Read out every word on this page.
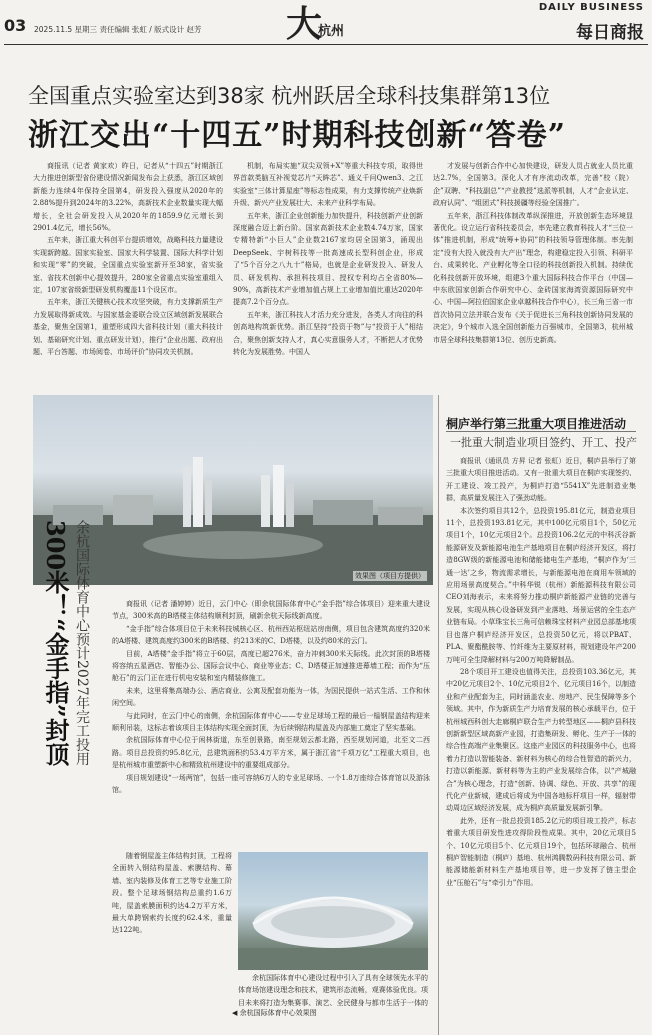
03 2025.11.5 星期三 责任编辑 张虹 / 版式设计 赵芳 大
杭州
DAILY BUSINESS
每日商报
全国重点实验室达到38家 杭州跃居全球科技集群第13位
浙江交出“十四五”时期科技创新“答卷”

商报讯（记者 黄家欢）昨日，记者从“十四五”时期浙江大力推进创新型省份建设情况新闻发布会上获悉，浙江区域创新能力连续4年保持全国第4，研发投入强度从2020年的2.88%提升到2024年的3.22%，高新技术企业数量实现大幅增长，全社会研发投入从2020年的1859.9亿元增长到2901.4亿元，增长56%。

五年来，浙江重大科创平台提质增效，战略科技力量建设实现新跨越。国家实验室、国家大科学装置、国际大科学计划和实现“零”的突破，全国重点实验室新开至38家，省实验室、省技术创新中心提效提升，280家全省重点实验室重组入定，107家省级新型研发机构覆盖11个设区市。

五年来，浙江关键核心技术攻坚突破，有力支撑新质生产力发展取得新成效。与国家基金委联合设立区域创新发展联合基金，聚焦全国第1，重塑形成四大省科技计划（重大科技计划、基础研究计划、重点研发计划），推行“企业出题、政府出题、平台答题、市场阅卷、市场评价”协同攻关机制。

机制，布局实施“双尖双领+X”等重大科技专项，取得世界首款类脑互补视觉芯片“天眸芯”、通义千问Qwen3、之江实验室“三体计算星座”等标志性成果，有力支撑传统产业焕新升级、新兴产业发展壮大、未来产业科学布局。

五年来，浙江企业创新能力加快提升，科技创新产业创新深度融合迈上新台阶。国家高新技术企业数4.74万家，国家专精特新“小巨人”企业数2167家均居全国第3，涌现出DeepSeek、宇树科技等一批高速成长型科创企业，形成了“5个百分之八九十”格局，也就是企业研发投入、研发人员、研发机构、承担科技项目、授权专利均占全省80%—90%，高新技术产业增加值占规上工业增加值比重达2020年提高7.2个百分点。

五年来，浙江科技人才活力充分进发，各类人才向往的科创高地构筑新优势。浙江坚持“投资于物”与“投资于人”相结合，聚焦创新支持人才，真心实意服务人才，不断把人才优势转化为发展胜势。中国人

才发展与创新合作中心加快建设，研发人员占就业人员比重达2.7%，全国第3。深化人才有序流动改革，完善“校（院）企”双聘、“科技副总”“产业教授”选派等机制，人才“企业认定、政府认同”、“组团式”科技援疆等经验全国推广。

五年来，浙江科技体制改革纵深推进，开放创新生态环境显著优化。设立运行省科技委员会，率先建立教育科技人才“三位一体”推进机制，形成“统筹+协同”的科技领导管理体制。率先制定“没有大投入就没有大产出”理念，构建稳定投入引领、科研平台、成果转化、产业孵化等全口径的科技创新投入机制。持续优化科技创新开放环境，组建3个重大国际科技合作平台（中国—中东欧国家创新合作研究中心、金砖国家海湾资源国际研究中心、中国—阿拉伯国家企业卓越科技合作中心），长三角三省一市首次协同立法并联合发布《关于促进长三角科技创新协同发展的决定》，9个城市入选全国创新能力百强城市，全国第3，杭州城市居全球科技集群第13位、创历史新高。

效果图（项目方提供）
余杭国际体育中心预计2027年完工投用
300米！“金手指”封顶	商报讯（记者 潘婷婷）近日，云门中心（即余杭国际体育中心“金手指”综合体项目）迎来重大建设节点，300米高的B塔楼主体结构顺利封顶，刷新余杭天际线新高度。

“金手指”综合体项目位于未来科技城核心区、杭州西站枢纽站房南侧，项目包含建筑高度约320米的A塔楼、建筑高度约300米的B塔楼、约213米的C、D塔楼，以及约80米的云门。

目前，A塔楼“金手指”将立于60层，高度已超276米，奋力冲刺300米天际线。此次封顶的B塔楼将容纳五星酒店、智能办公、国际会议中心、商业等业态；C、D塔楼正加速推进幕墙工程；而作为“压舱石”的云门正在进行机电安装和室内精装修施工。

未来，这里将集高端办公、酒店商业、公寓及配套功能为一体，为国民提供一站式生活、工作和休闲空间。

与此同时，在云门中心的南侧，余杭国际体育中心——专业足球场工程的最后一榀钢屋盖结构迎来顺利吊装，这标志着该项目主体结构实现全面封顶，为后续钢结构屋盖及内部施工奠定了坚实基础。

余杭国际体育中心位于闲林街道，东至创景路，南至规划云都北路，西至规划河道，北至文二西路。项目总投资约95.8亿元，总建筑面积约53.4万平方米，属于浙江省“千项万亿”工程重大项目，也是杭州城市重塑新中心和精致杭州建设中的重要组成部分。

项目规划建设“一场两馆”，包括一座可容纳6万人的专业足球场、一个1.8万座综合体育馆以及游泳馆。

随着钢屋盖主体结构封顶，工程将全面转入钢结构屋盖、索膜结构、幕墙、室内装修及体育工艺等专业施工阶段。整个足球场钢结构总重约1.6万吨，屋盖索膜面积约达4.2万平方米，最大单跨钢索约长度约62.4米，重量达122吨。

余杭国际体育中心建设过程中引入了具有全球领先水平的体育场馆建设理念和技术，建筑形态流畅，观赛体验优良。项目未来将打造为集赛事、演艺、全民健身与都市生活于一体的

◀ 余杭国际体育中心效果图
桐庐举行第三批重大项目推进活动
一批重大制造业项目签约、开工、投产

商报讯（通讯员 方昇 记者 张虹）近日，桐庐县举行了第三批重大项目推进活动。又有一批重大项目在桐庐实现签约、开工建设、竣工投产，为桐庐打造“5541X”先进制造业集群，高质量发展注入了强劲动能。

本次签约项目共12个，总投资195.81亿元，制造业项目11个，总投资193.81亿元，其中100亿元项目1个，50亿元项目1个，10亿元项目2个。总投资106.2亿元的中科沃谷新能源研发及新能源电池生产基地项目在桐庐经济开发区，将打造8GW级的新能源电池和储能储电生产基地，“桐庐作为‘三通一达’之乡，物流需求增长，与新能源电池在商用车领域的应用场景高度契合。”中科华锐（杭州）新能源科技有限公司CEO刘海表示，未来将努力推动桐庐新能源产业链的完善与发展，实现从核心设备研发到产业落地、场景运营的全生态产业链布局。小草珠宝长三角可信赖珠宝材料产业园总部基地项目也落户桐庐经济开发区，总投资50亿元，将以PBAT、PLA、聚酯酰胺等、竹纤维为主要原材料，规划建设年产200万吨可全生降解材料与200万吨降解制品。

28个项目开工建设也值得关注，总投资103.36亿元，其中20亿元项目2个、10亿元项目2个、亿元项目16个，以制造业和产业配套为主，同时涵盖农业、房地产、民生保障等多个领域。其中，作为新质生产力培育发展的核心承载平台，位于杭州城西科创大走廊桐庐联合生产力转型地区——桐庐县科技创新新型区域高新产业园，打造集研发、孵化、生产于一体的综合性高端产业集聚区。这座产业园区的科技服务中心，也将着力打造以智能装备、新材料为核心的综合性智造的新兴力，打造以新能源、新材料等为主的产业发展综合体，以“产城融合”为核心理念，打造“创新、协调、绿色、开放、共享”的现代化产业新城，建成后将成为中国各地标杆项目一样，辐射带动周边区域经济发展，成为桐庐高质量发展新引擎。

此外，还有一批总投资185.2亿元的项目竣工投产，标志着重大项目研发性进攻得阶段性成果。其中，20亿元项目5个、10亿元项目5个、亿元项目19个，包括环球融合、杭州桐庐智能制造（桐庐）基地、杭州鸿腾数码科技有限公司、新能源储能新材料生产基地项目等，进一步发挥了链主型企业“压舱石”与“牵引力”作用。
